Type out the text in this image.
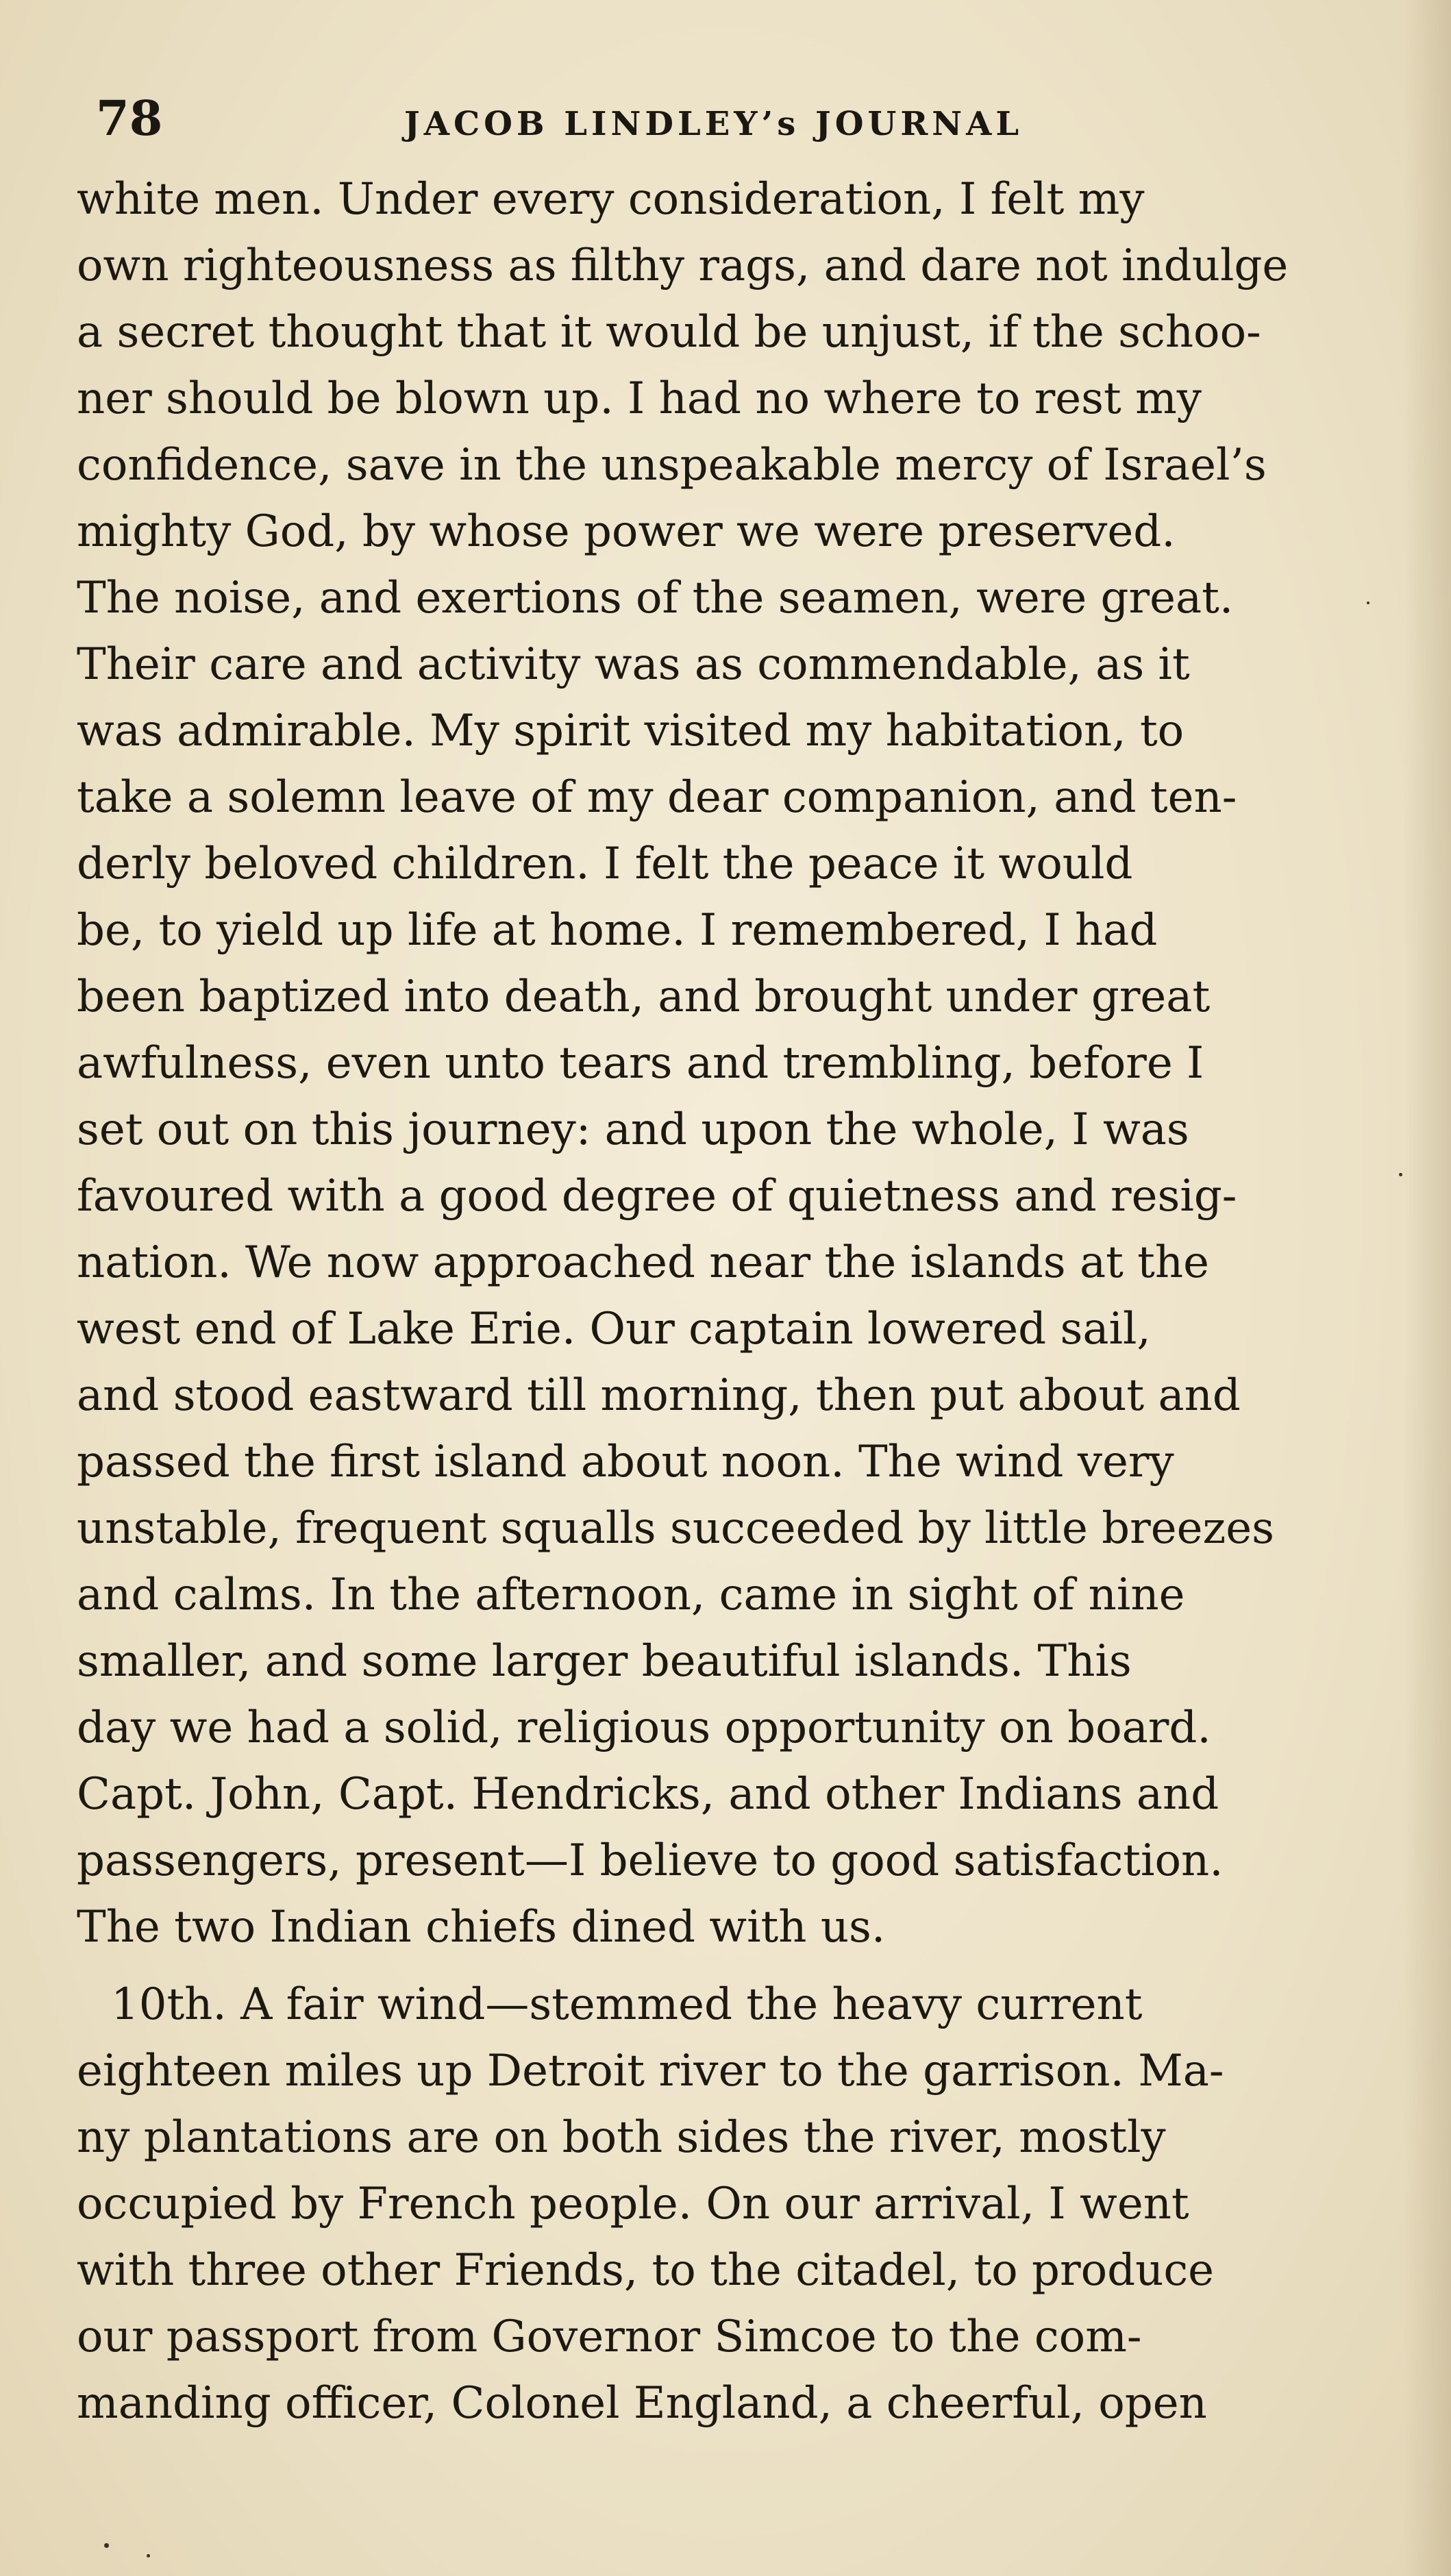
78	JACOB LINDLEY’s JOURNAL
white men. Under every consideration, I felt my
own righteousness as filthy rags, and dare not indulge
a secret thought that it would be unjust, if the schoo-
ner should be blown up. I had no where to rest my
confidence, save in the unspeakable mercy of Israel’s
mighty God, by whose power we were preserved.
The noise, and exertions of the seamen, were great.
Their care and activity was as commendable, as it
was admirable. My spirit visited my habitation, to
take a solemn leave of my dear companion, and ten-
derly beloved children. I felt the peace it would
be, to yield up life at home. I remembered, I had
been baptized into death, and brought under great
awfulness, even unto tears and trembling, before I
set out on this journey: and upon the whole, I was
favoured with a good degree of quietness and resig-
nation. We now approached near the islands at the
west end of Lake Erie. Our captain lowered sail,
and stood eastward till morning, then put about and
passed the first island about noon. The wind very
unstable, frequent squalls succeeded by little breezes
and calms. In the afternoon, came in sight of nine
smaller, and some larger beautiful islands. This
day we had a solid, religious opportunity on board.
Capt. John, Capt. Hendricks, and other Indians and
passengers, present—I believe to good satisfaction.
The two Indian chiefs dined with us.
10th. A fair wind—stemmed the heavy current
eighteen miles up Detroit river to the garrison. Ma-
ny plantations are on both sides the river, mostly
occupied by French people. On our arrival, I went
with three other Friends, to the citadel, to produce
our passport from Governor Simcoe to the com-
manding officer, Colonel England, a cheerful, open
